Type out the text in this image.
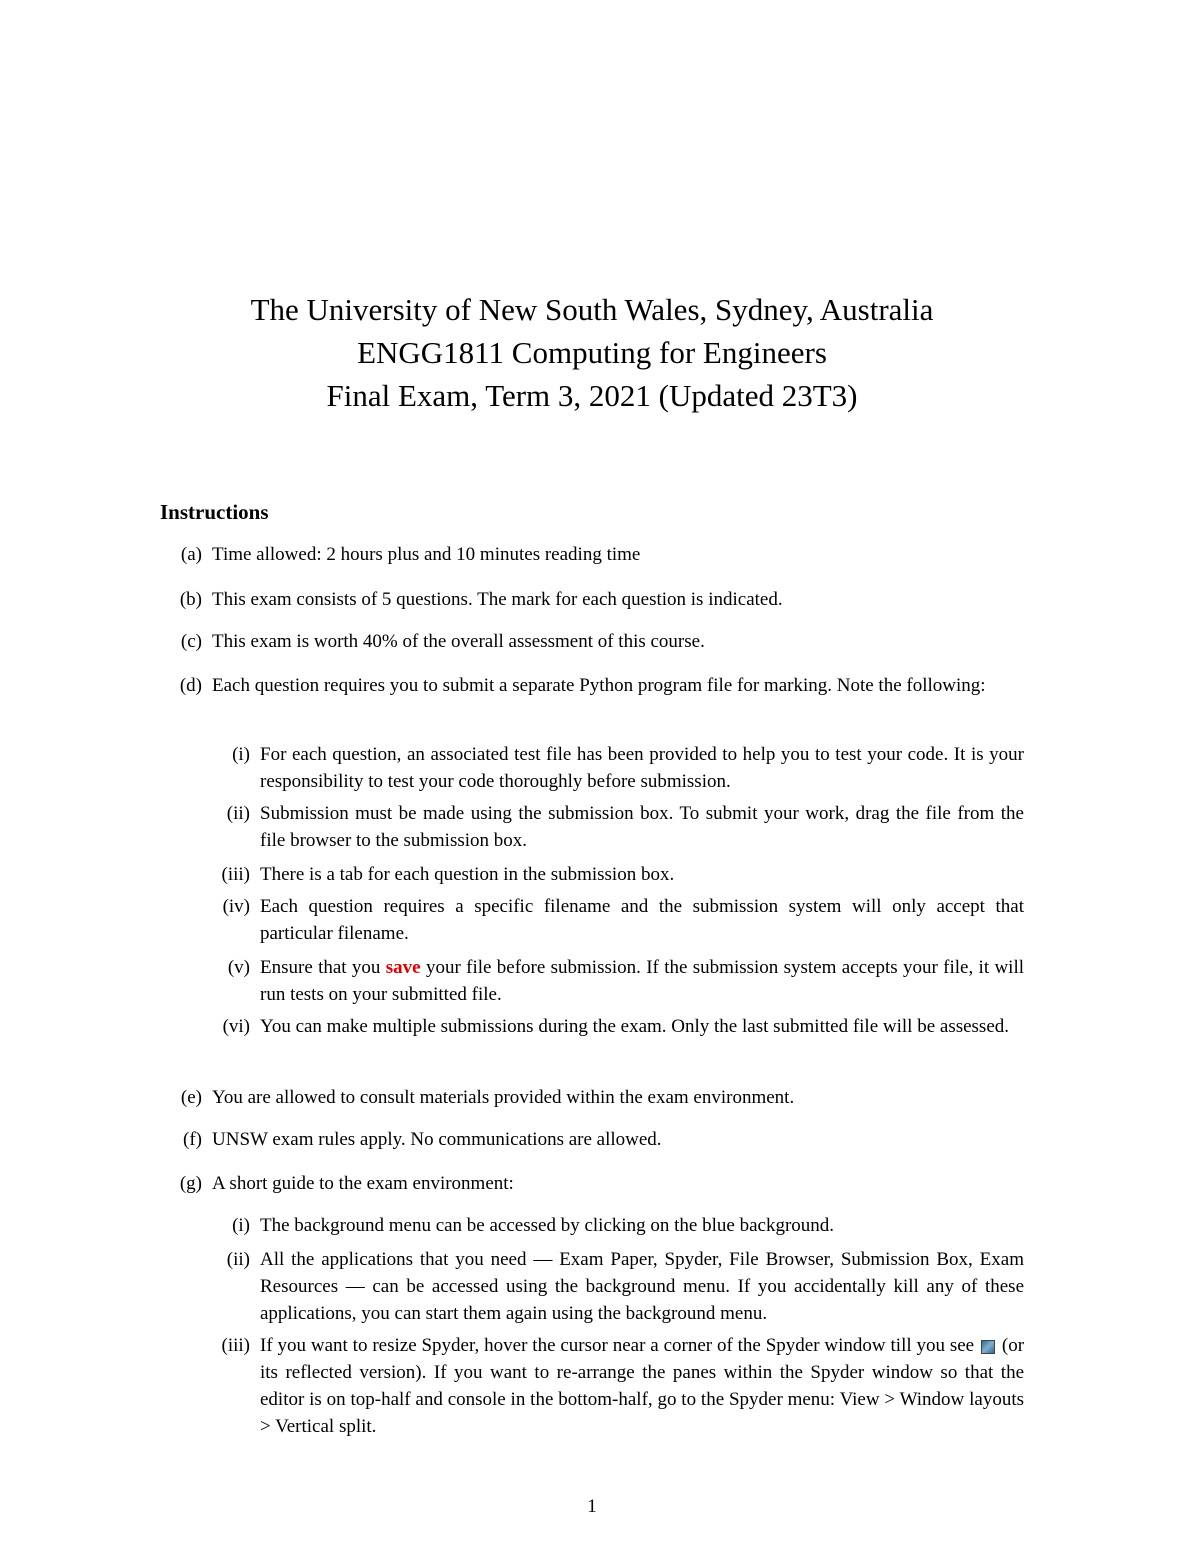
The University of New South Wales, Sydney, Australia
ENGG1811 Computing for Engineers
Final Exam, Term 3, 2021 (Updated 23T3)
Instructions
(a) Time allowed: 2 hours plus and 10 minutes reading time
(b) This exam consists of 5 questions. The mark for each question is indicated.
(c) This exam is worth 40% of the overall assessment of this course.
(d) Each question requires you to submit a separate Python program file for marking. Note the following:
(i) For each question, an associated test file has been provided to help you to test your code. It is your responsibility to test your code thoroughly before submission.
(ii) Submission must be made using the submission box. To submit your work, drag the file from the file browser to the submission box.
(iii) There is a tab for each question in the submission box.
(iv) Each question requires a specific filename and the submission system will only accept that particular filename.
(v) Ensure that you save your file before submission. If the submission system accepts your file, it will run tests on your submitted file.
(vi) You can make multiple submissions during the exam. Only the last submitted file will be assessed.
(e) You are allowed to consult materials provided within the exam environment.
(f) UNSW exam rules apply. No communications are allowed.
(g) A short guide to the exam environment:
(i) The background menu can be accessed by clicking on the blue background.
(ii) All the applications that you need — Exam Paper, Spyder, File Browser, Submission Box, Exam Resources — can be accessed using the background menu. If you accidentally kill any of these applications, you can start them again using the background menu.
(iii) If you want to resize Spyder, hover the cursor near a corner of the Spyder window till you see (or its reflected version). If you want to re-arrange the panes within the Spyder window so that the editor is on top-half and console in the bottom-half, go to the Spyder menu: View > Window layouts > Vertical split.
1
